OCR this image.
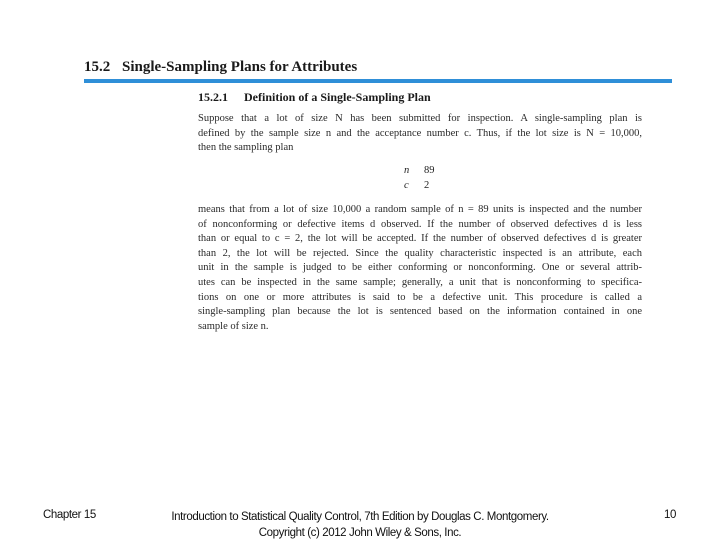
15.2 Single-Sampling Plans for Attributes
15.2.1 Definition of a Single-Sampling Plan
Suppose that a lot of size N has been submitted for inspection. A single-sampling plan is
defined by the sample size n and the acceptance number c. Thus, if the lot size is N = 10,000,
then the sampling plan
n	89
c	2
means that from a lot of size 10,000 a random sample of n = 89 units is inspected and the number
of nonconforming or defective items d observed. If the number of observed defectives d is less
than or equal to c = 2, the lot will be accepted. If the number of observed defectives d is greater
than 2, the lot will be rejected. Since the quality characteristic inspected is an attribute, each
unit in the sample is judged to be either conforming or nonconforming. One or several attrib-
utes can be inspected in the same sample; generally, a unit that is nonconforming to specifica-
tions on one or more attributes is said to be a defective unit. This procedure is called a
single-sampling plan because the lot is sentenced based on the information contained in one
sample of size n.
Chapter 15	Introduction to Statistical Quality Control, 7th Edition by Douglas C. Montgomery.
Copyright (c) 2012 John Wiley & Sons, Inc.
10
